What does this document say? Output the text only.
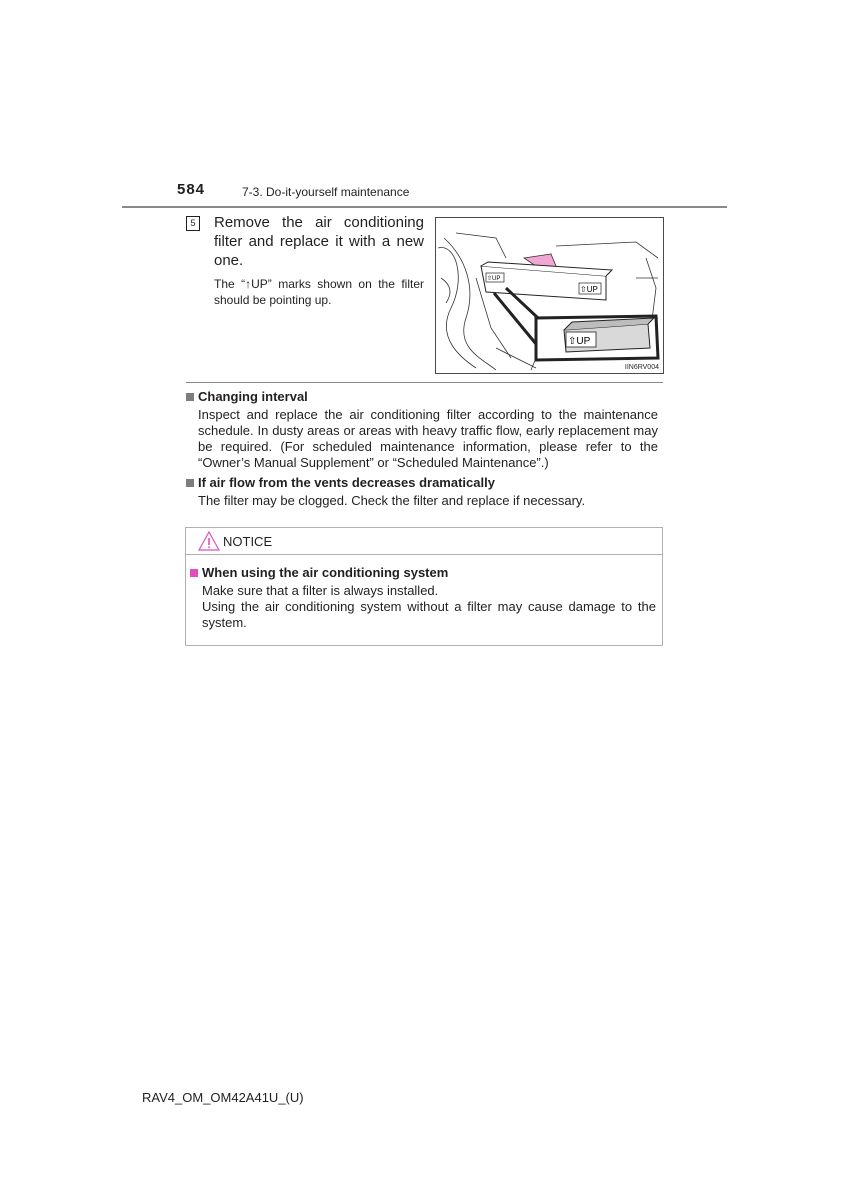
584	7-3. Do-it-yourself maintenance
5	Remove the air conditioning filter and replace it with a new one.
The “↑UP” marks shown on the filter should be pointing up.
⇧UP
⇧UP
⇧UP
IIN6RV004
Changing interval
Inspect and replace the air conditioning filter according to the maintenance schedule. In dusty areas or areas with heavy traffic flow, early replacement may be required. (For scheduled maintenance information, please refer to the “Owner’s Manual Supplement” or “Scheduled Maintenance”.)
If air flow from the vents decreases dramatically
The filter may be clogged. Check the filter and replace if necessary.
NOTICE
When using the air conditioning system
Make sure that a filter is always installed.
Using the air conditioning system without a filter may cause damage to the system.
RAV4_OM_OM42A41U_(U)
